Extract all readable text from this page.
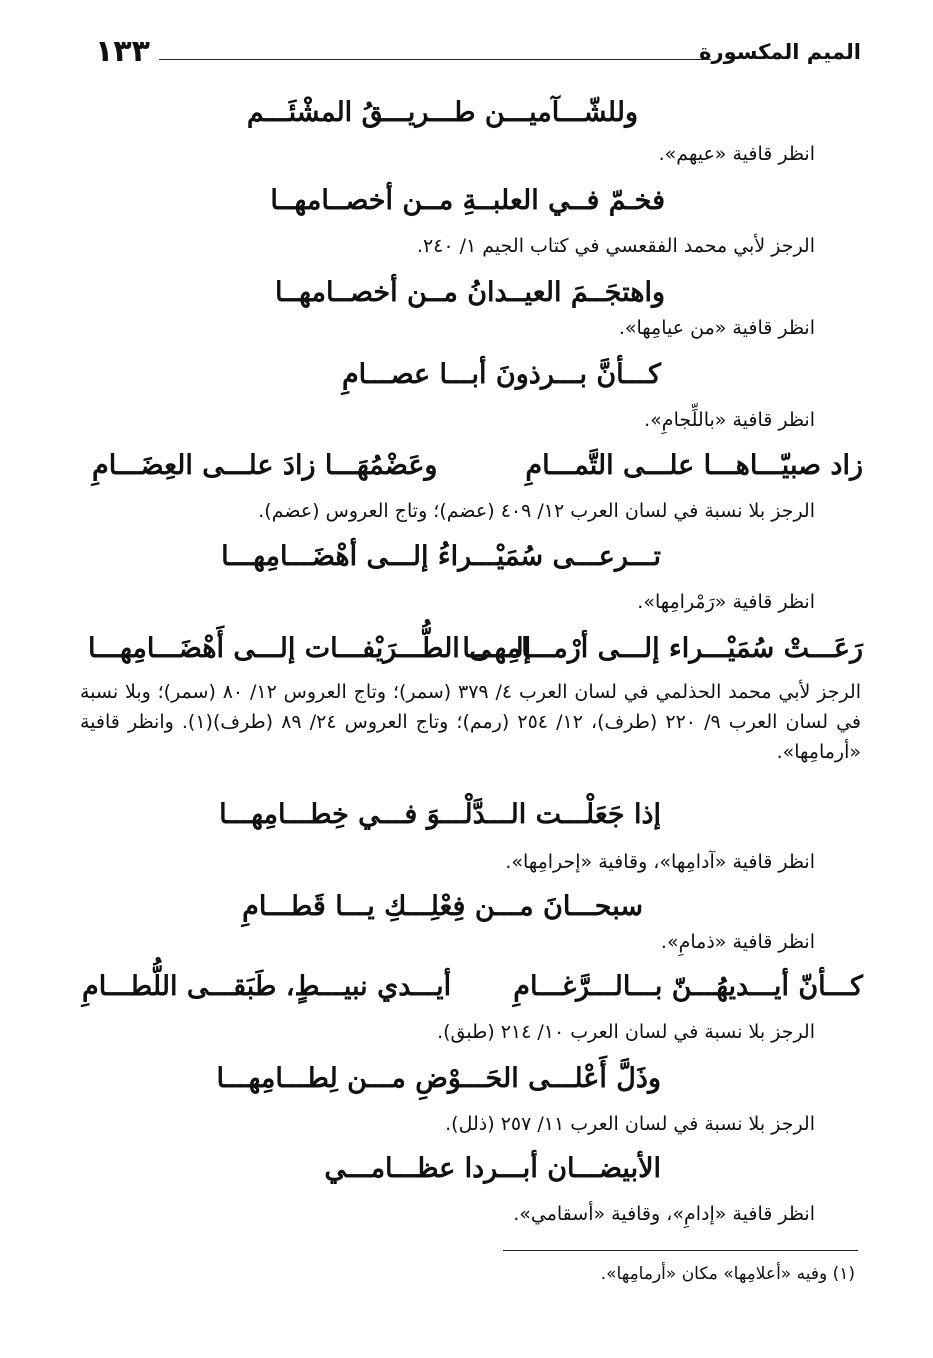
الميم المكسورة
١٣٣
وللشّـــآميـــن طـــريـــقُ المشْئَـــم
انظر قافية «عيهم».
فخـمّ فــي العلبــةِ مــن أخصــامهــا
الرجز لأبي محمد الفقعسي في كتاب الجيم ١/ ٢٤٠.
واهتجَــمَ العيــدانُ مــن أخصــامهــا
انظر قافية «من عيامِها».
كـــأنَّ بـــرذونَ أبـــا عصـــامِ
انظر قافية «باللِّجامِ».
زاد صبيّـــاهـــا علـــى التَّمـــامِ
وعَضْمُهَـــا زادَ علـــى العِضَـــامِ
الرجز بلا نسبة في لسان العرب ١٢/ ٤٠٩ (عضم)؛ وتاج العروس (عضم).
تـــرعـــى سُمَيْـــراءُ إلـــى أهْضَـــامِهـــا
انظر قافية «رَمْرامِها».
رَعَـــتْ سُمَيْـــراء إلـــى أرْمـــامِهـــا
إلـــى الطُّـــرَيْفـــات إلـــى أَهْضَـــامِهـــا
الرجز لأبي محمد الحذلمي في لسان العرب ٤/ ٣٧٩ (سمر)؛ وتاج العروس ١٢/ ٨٠ (سمر)؛ وبلا نسبة في لسان العرب ٩/ ٢٢٠ (طرف)، ١٢/ ٢٥٤ (رمم)؛ وتاج العروس ٢٤/ ٨٩ (طرف)(١). وانظر قافية «أرمامِها».
إذا جَعَلْـــت الـــدَّلْـــوَ فـــي خِطـــامِهـــا
انظر قافية «آدامِها»، وقافية «إحرامِها».
سبحـــانَ مـــن فِعْلِـــكِ يـــا قَطـــامِ
انظر قافية «ذمامِ».
كـــأنّ أيـــديهُـــنّ بـــالـــرَّغـــامِ
أيـــدي نبيـــطٍ، طَبَقـــى اللُّطـــامِ
الرجز بلا نسبة في لسان العرب ١٠/ ٢١٤ (طبق).
وذَلَّ أَعْلـــى الحَـــوْضِ مـــن لِطـــامِهـــا
الرجز بلا نسبة في لسان العرب ١١/ ٢٥٧ (ذلل).
الأبيضـــان أبـــردا عظـــامـــي
انظر قافية «إدامِ»، وقافية «أسقامي».
(١) وفيه «أعلامِها» مكان «أرمامِها».
